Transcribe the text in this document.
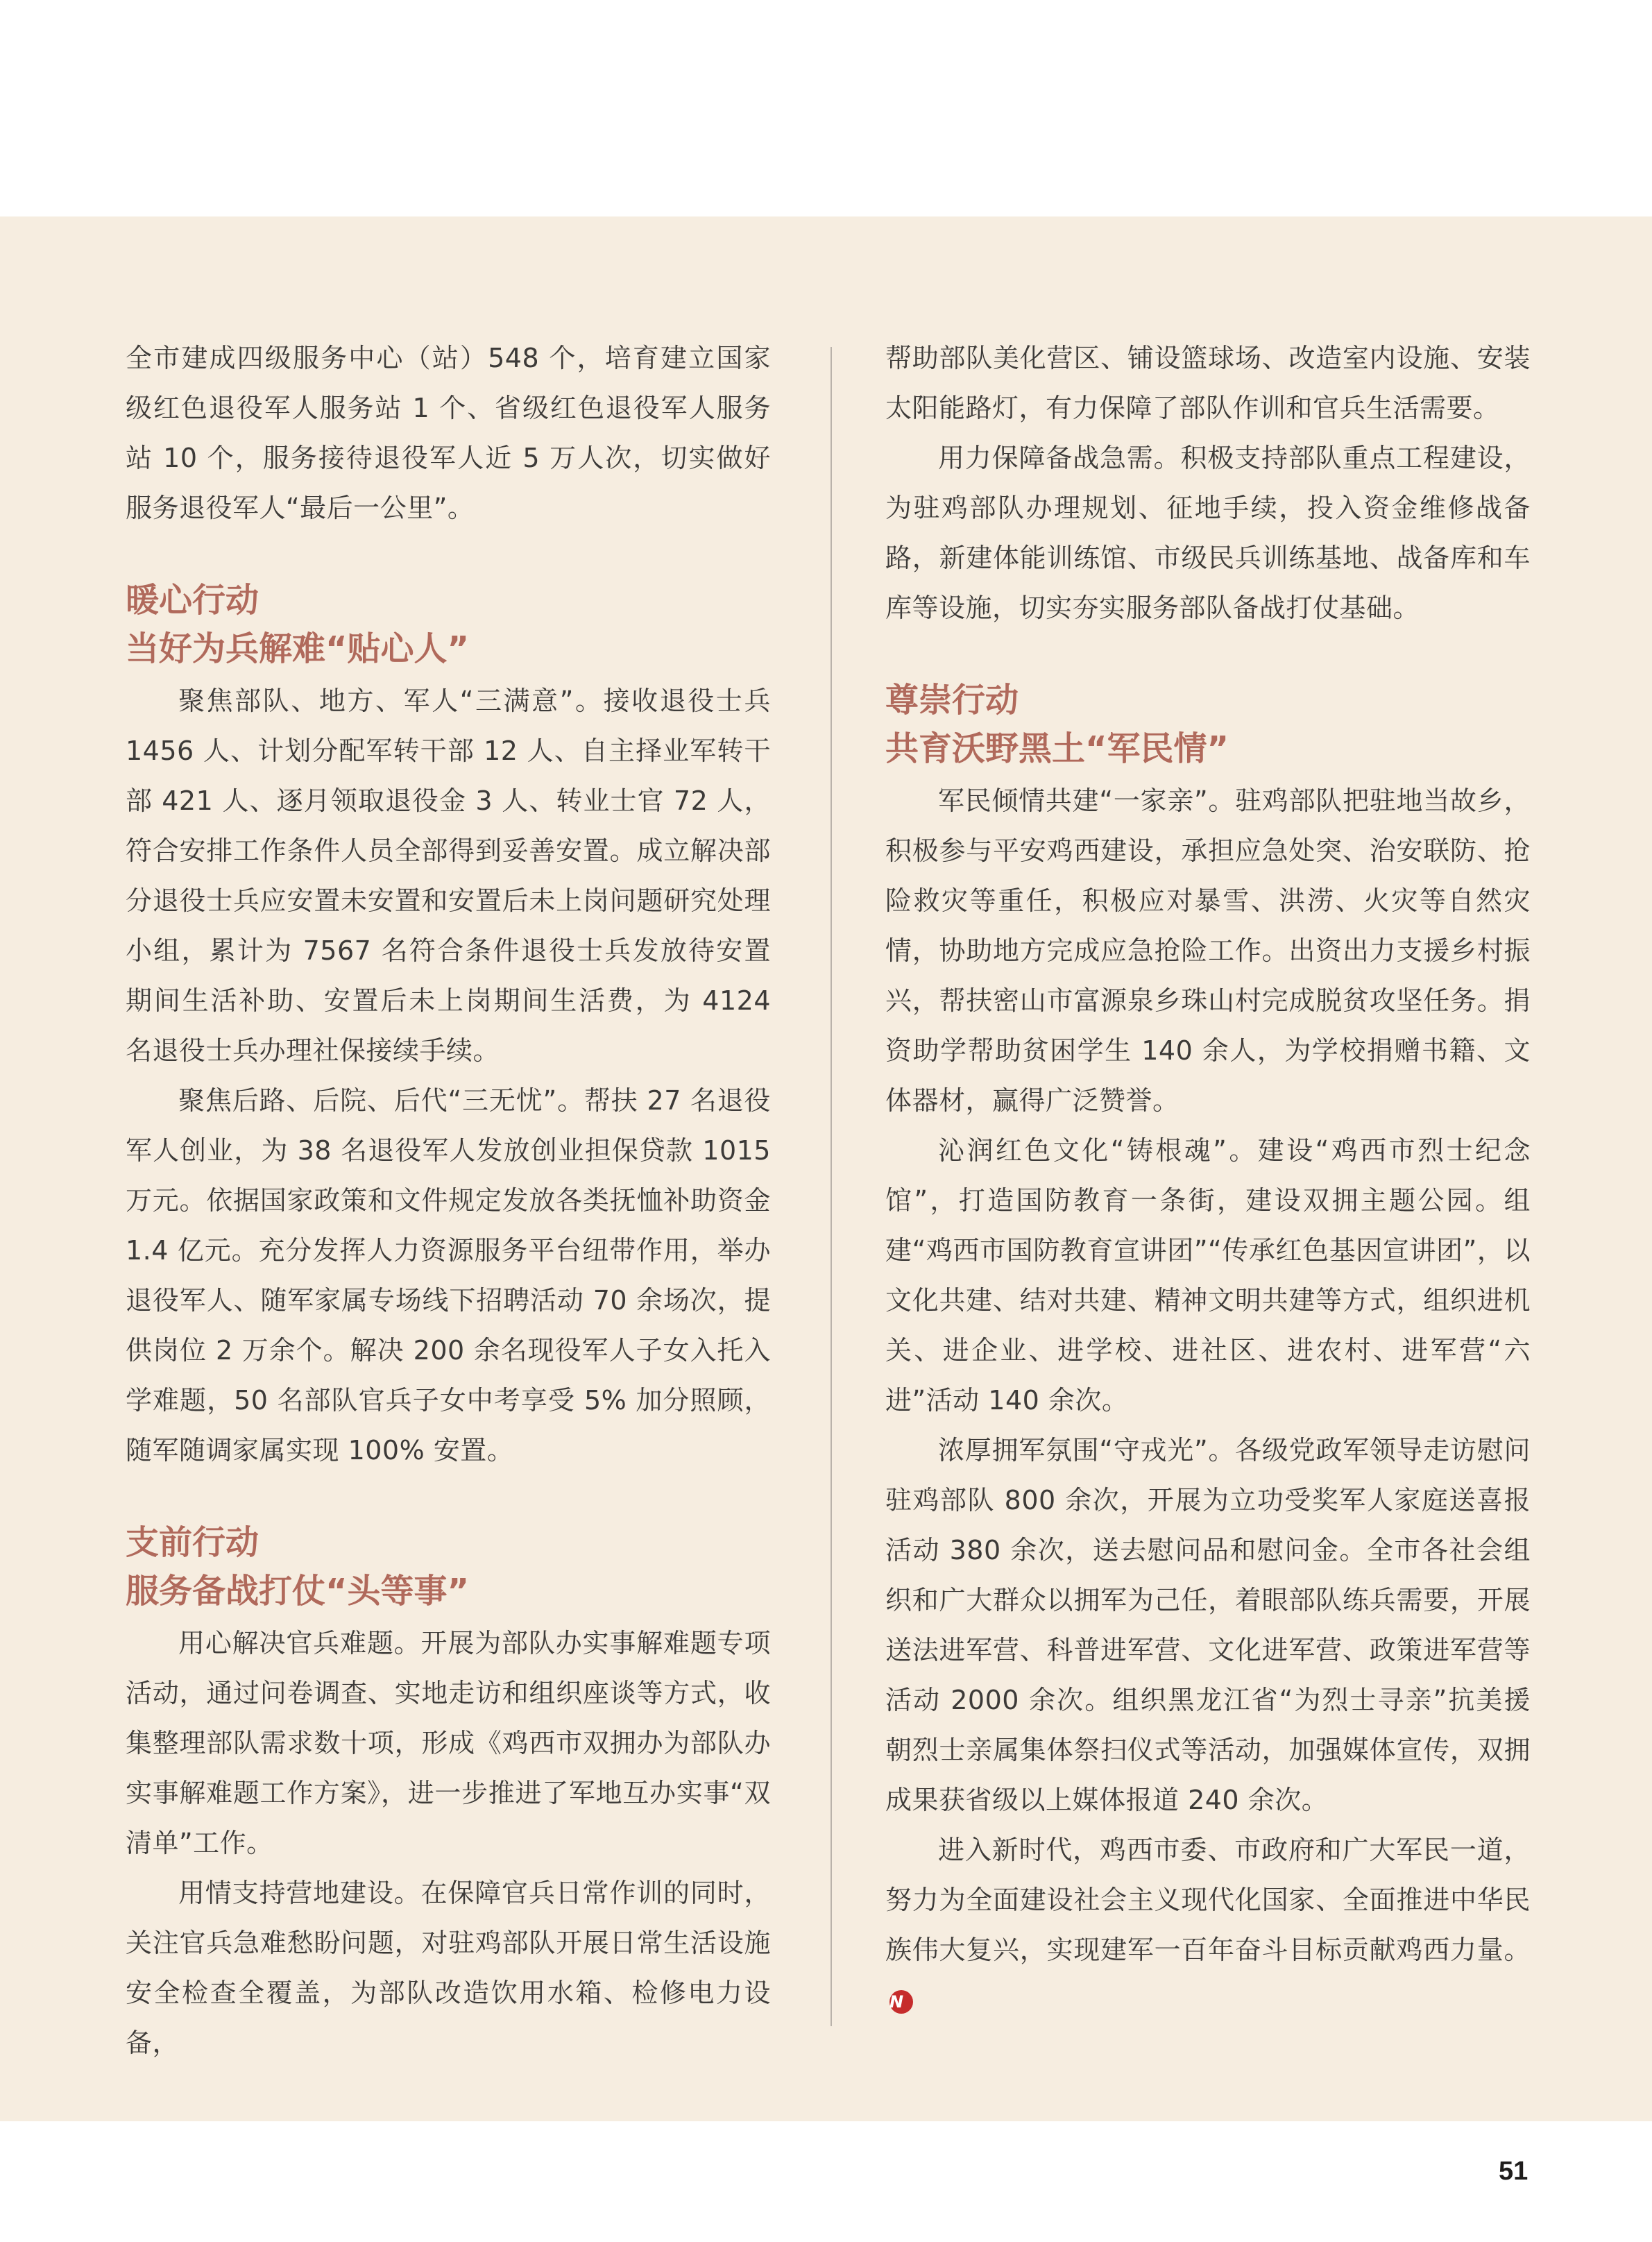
全市建成四级服务中心（站）548 个，培育建立国家级红色退役军人服务站 1 个、省级红色退役军人服务站 10 个，服务接待退役军人近 5 万人次，切实做好服务退役军人“最后一公里”。

暖心行动
当好为兵解难“贴心人”

聚焦部队、地方、军人“三满意”。接收退役士兵 1456 人、计划分配军转干部 12 人、自主择业军转干部 421 人、逐月领取退役金 3 人、转业士官 72 人，符合安排工作条件人员全部得到妥善安置。成立解决部分退役士兵应安置未安置和安置后未上岗问题研究处理小组，累计为 7567 名符合条件退役士兵发放待安置期间生活补助、安置后未上岗期间生活费，为 4124 名退役士兵办理社保接续手续。

聚焦后路、后院、后代“三无忧”。帮扶 27 名退役军人创业，为 38 名退役军人发放创业担保贷款 1015 万元。依据国家政策和文件规定发放各类抚恤补助资金 1.4 亿元。充分发挥人力资源服务平台纽带作用，举办退役军人、随军家属专场线下招聘活动 70 余场次，提供岗位 2 万余个。解决 200 余名现役军人子女入托入学难题，50 名部队官兵子女中考享受 5% 加分照顾，随军随调家属实现 100% 安置。

支前行动
服务备战打仗“头等事”

用心解决官兵难题。开展为部队办实事解难题专项活动，通过问卷调查、实地走访和组织座谈等方式，收集整理部队需求数十项，形成《鸡西市双拥办为部队办实事解难题工作方案》，进一步推进了军地互办实事“双清单”工作。

用情支持营地建设。在保障官兵日常作训的同时，关注官兵急难愁盼问题，对驻鸡部队开展日常生活设施安全检查全覆盖，为部队改造饮用水箱、检修电力设备，

帮助部队美化营区、铺设篮球场、改造室内设施、安装太阳能路灯，有力保障了部队作训和官兵生活需要。

用力保障备战急需。积极支持部队重点工程建设，为驻鸡部队办理规划、征地手续，投入资金维修战备路，新建体能训练馆、市级民兵训练基地、战备库和车库等设施，切实夯实服务部队备战打仗基础。

尊崇行动
共育沃野黑土“军民情”

军民倾情共建“一家亲”。驻鸡部队把驻地当故乡，积极参与平安鸡西建设，承担应急处突、治安联防、抢险救灾等重任，积极应对暴雪、洪涝、火灾等自然灾情，协助地方完成应急抢险工作。出资出力支援乡村振兴，帮扶密山市富源泉乡珠山村完成脱贫攻坚任务。捐资助学帮助贫困学生 140 余人，为学校捐赠书籍、文体器材，赢得广泛赞誉。

沁润红色文化“铸根魂”。建设“鸡西市烈士纪念馆”，打造国防教育一条街，建设双拥主题公园。组建“鸡西市国防教育宣讲团”“传承红色基因宣讲团”，以文化共建、结对共建、精神文明共建等方式，组织进机关、进企业、进学校、进社区、进农村、进军营“六进”活动 140 余次。

浓厚拥军氛围“守戎光”。各级党政军领导走访慰问驻鸡部队 800 余次，开展为立功受奖军人家庭送喜报活动 380 余次，送去慰问品和慰问金。全市各社会组织和广大群众以拥军为己任，着眼部队练兵需要，开展送法进军营、科普进军营、文化进军营、政策进军营等活动 2000 余次。组织黑龙江省“为烈士寻亲”抗美援朝烈士亲属集体祭扫仪式等活动，加强媒体宣传，双拥成果获省级以上媒体报道 240 余次。

进入新时代，鸡西市委、市政府和广大军民一道，努力为全面建设社会主义现代化国家、全面推进中华民族伟大复兴，实现建军一百年奋斗目标贡献鸡西力量。N

51
